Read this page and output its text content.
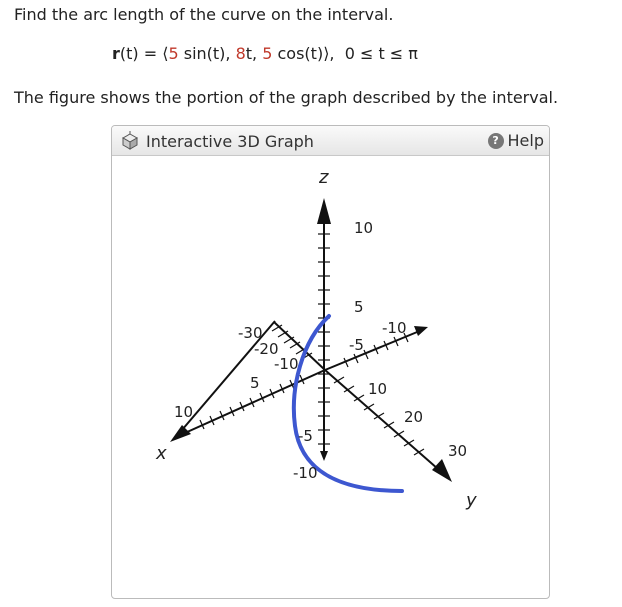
Find the arc length of the curve on the interval.
r(t) = ⟨5 sin(t), 8t, 5 cos(t)⟩,  0 ≤ t ≤ π
The figure shows the portion of the graph described by the interval.
Interactive 3D Graph	? Help
z
x
y
10
5
-5
-10
10
5
-10
-20
-30
10
20
30
-5
-10
